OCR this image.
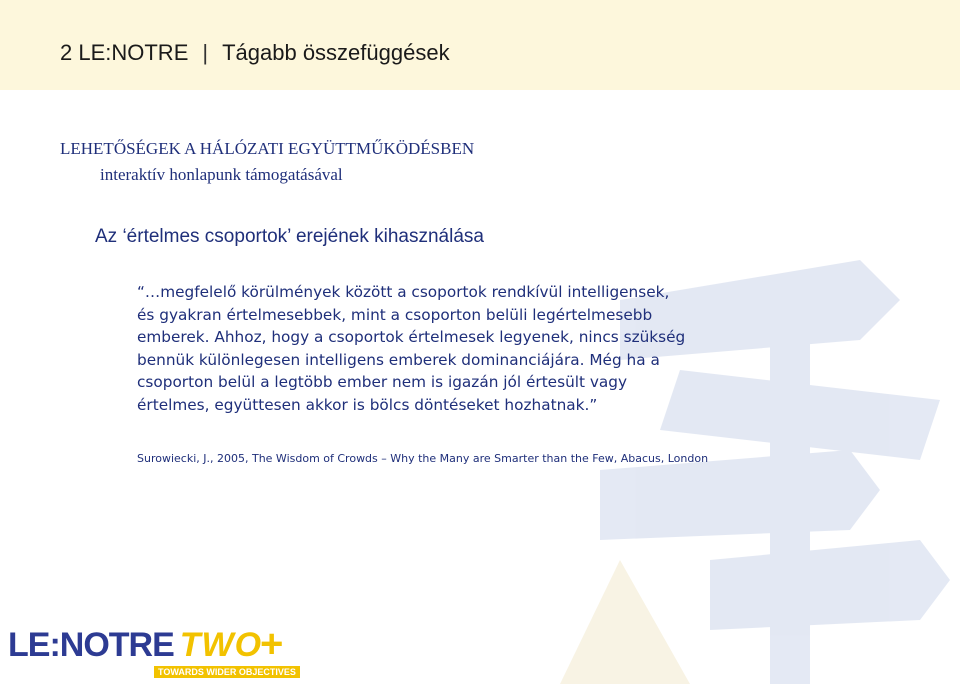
2 LE:NOTRE | Tágabb összefüggések
LEHETŐSÉGEK A HÁLÓZATI EGYÜTTMŰKÖDÉSBEN
interaktív honlapunk támogatásával
Az ‘értelmes csoportok’ erejének kihasználása
“…megfelelő körülmények között a csoportok rendkívül intelligensek,
és gyakran értelmesebbek, mint a csoporton belüli legértelmesebb
emberek. Ahhoz, hogy a csoportok értelmesek legyenek, nincs szükség
bennük különlegesen intelligens emberek dominanciájára. Még ha a
csoporton belül a legtöbb ember nem is igazán jól értesült vagy
értelmes, együttesen akkor is bölcs döntéseket hozhatnak.”
Surowiecki, J., 2005, The Wisdom of Crowds – Why the Many are Smarter than the Few, Abacus, London
LE:NOTRE TWO
+
TOWARDS WIDER OBJECTIVES
